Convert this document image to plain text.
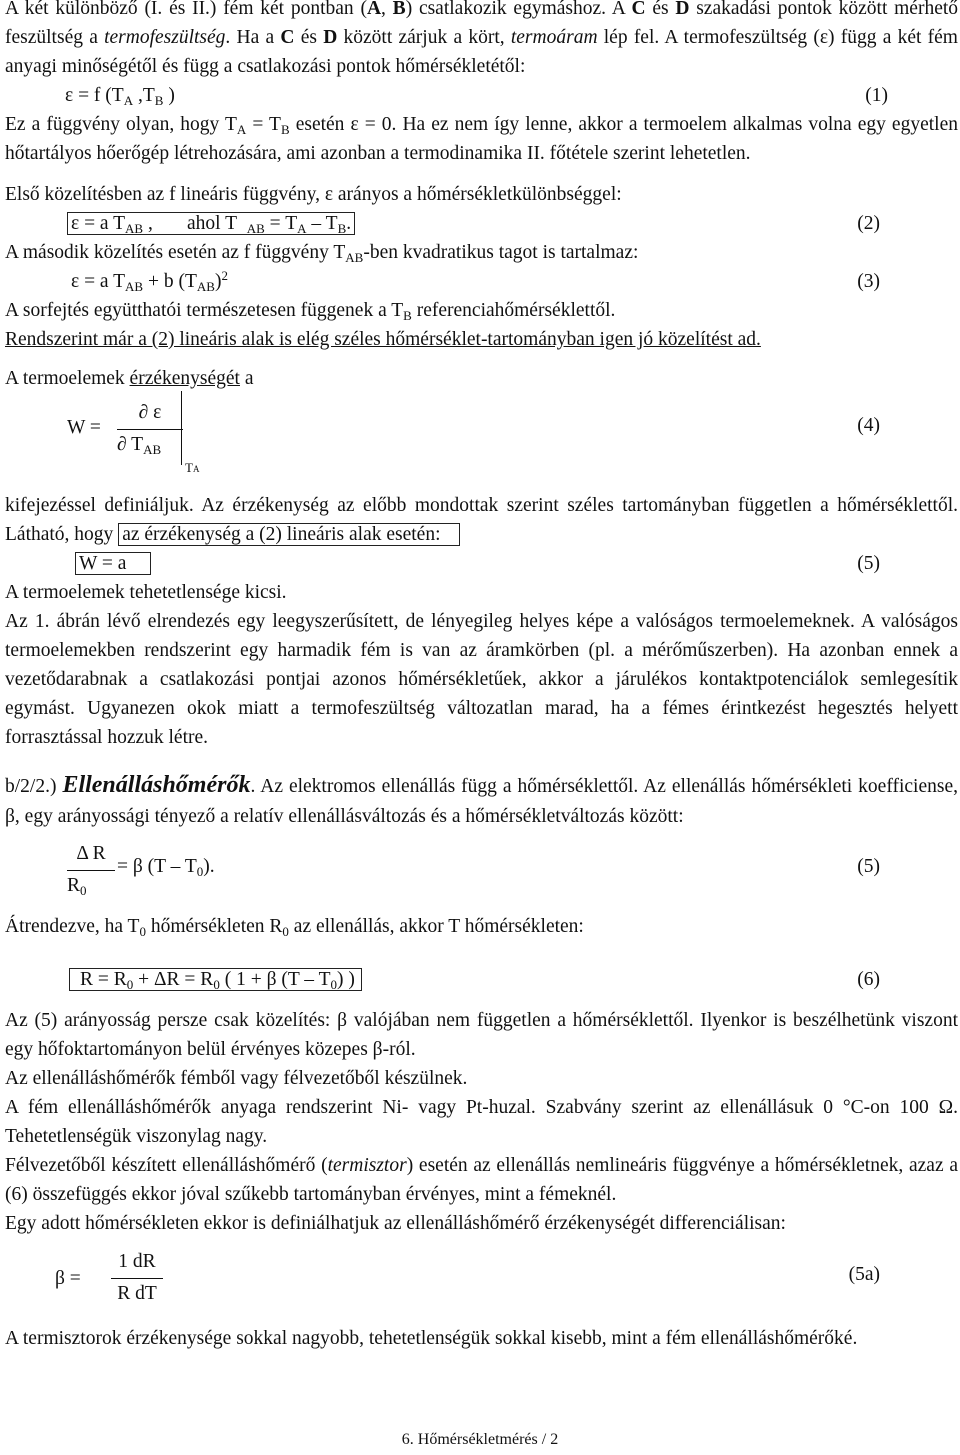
A két különböző (I. és II.) fém két pontban (A, B) csatlakozik egymáshoz. A C és D szakadási pontok között mérhető feszültség a termofeszültség. Ha a C és D között zárjuk a kört, termoáram lép fel. A termofeszültség (ε) függ a két fém anyagi minőségétől és függ a csatlakozási pontok hőmérsékletétől:

ε = f ($T_A$ $,T_B$ )	(1)

Ez a függvény olyan, hogy $T_A = T_B$ esetén ε = 0. Ha ez nem így lenne, akkor a termoelem alkalmas volna egy egyetlen hőtartályos hőerőgép létrehozására, ami azonban a termodinamika II. főtétele szerint lehetetlen.

Első közelítésben az f lineáris függvény, ε arányos a hőmérsékletkülönbséggel:

ε = a $T_{AB}$ , ahol T $_{AB} = T_A - T_B$.	(2)

A második közelítés esetén az f függvény $T_{AB}$-ben kvadratikus tagot is tartalmaz:

ε = a $T_{AB} + b$ $(T_{AB})^2$	(3)

A sorfejtés együtthatói természetesen függenek a $T_B$ referenciahőmérséklettől.

Rendszerint már a (2) lineáris alak is elég széles hőmérséklet-tartományban igen jó közelítést ad.

A termoelemek érzékenységét a

W =
∂ ε
∂ $T_{AB}$
TA
(4)

kifejezéssel definiáljuk. Az érzékenység az előbb mondottak szerint széles tartományban független a hőmérséklettől. Látható, hogy az érzékenység a (2) lineáris alak esetén:

W = a	(5)

A termoelemek tehetetlensége kicsi.

Az 1. ábrán lévő elrendezés egy leegyszerűsített, de lényegileg helyes képe a valóságos termoelemeknek. A valóságos termoelemekben rendszerint egy harmadik fém is van az áramkörben (pl. a mérőműszerben). Ha azonban ennek a vezetődarabnak a csatlakozási pontjai azonos hőmérsékletűek, akkor a járulékos kontaktpotenciálok semlegesítik egymást. Ugyanezen okok miatt a termofeszültség változatlan marad, ha a fémes érintkezést hegesztés helyett forrasztással hozzuk létre.

b/2/2.) Ellenálláshőmérők. Az elektromos ellenállás függ a hőmérséklettől. Az ellenállás hőmérsékleti koefficiense, β, egy arányossági tényező a relatív ellenállásváltozás és a hőmérsékletváltozás között:

Δ R
$R_0$
= β $(T - T_0)$.	(5)

Átrendezve, ha $T_0$ hőmérsékleten $R_0$ az ellenállás, akkor T hőmérsékleten:

$R = R_0 + \Delta R = R_0$ ( 1 + β $(T - T_0)$ )	(6)

Az (5) arányosság persze csak közelítés: β valójában nem független a hőmérséklettől. Ilyenkor is beszélhetünk viszont egy hőfoktartományon belül érvényes közepes β-ról.

Az ellenálláshőmérők fémből vagy félvezetőből készülnek.

A fém ellenálláshőmérők anyaga rendszerint Ni- vagy Pt-huzal. Szabvány szerint az ellenállásuk 0 °C-on 100 Ω. Tehetetlenségük viszonylag nagy.

Félvezetőből készített ellenálláshőmérő (termisztor) esetén az ellenállás nemlineáris függvénye a hőmérsékletnek, azaz a (6) összefüggés ekkor jóval szűkebb tartományban érvényes, mint a fémeknél.

Egy adott hőmérsékleten ekkor is definiálhatjuk az ellenálláshőmérő érzékenységét differenciálisan:

β =
1 dR
R dT
(5a)

A termisztorok érzékenysége sokkal nagyobb, tehetetlenségük sokkal kisebb, mint a fém ellenálláshőmérőké.

6. Hőmérsékletmérés / 2
